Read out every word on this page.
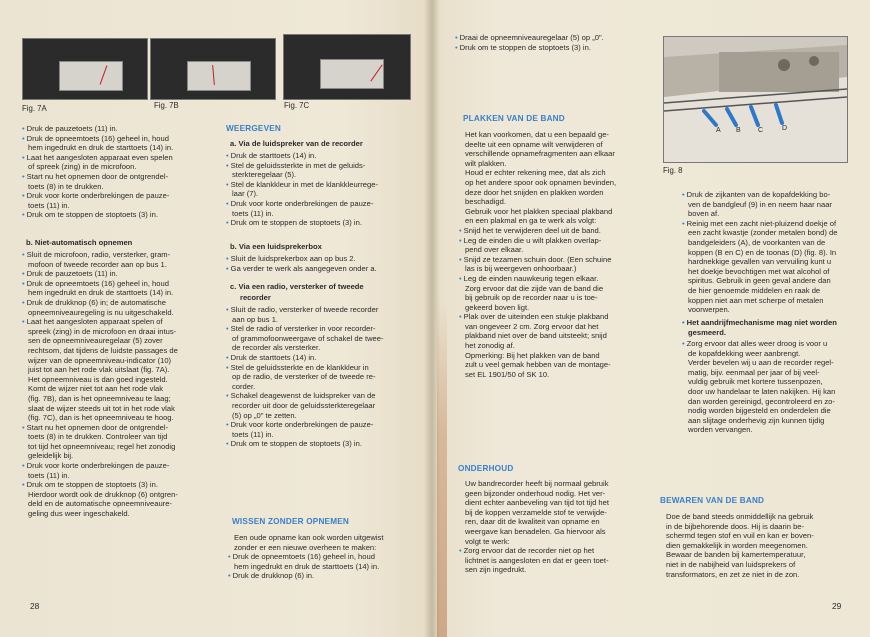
Fig. 7A	Fig. 7B	Fig. 7C

• Druk de pauzetoets (11) in.

• Druk de opneemtoets (16) geheel in, houd

hem ingedrukt en druk de starttoets (14) in.

• Laat het aangesloten apparaat even spelen

of spreek (zing) in de microfoon.

• Start nu het opnemen door de ontgrendel-

toets (8) in te drukken.

• Druk voor korte onderbrekingen de pauze-

toets (11) in.

• Druk om te stoppen de stoptoets (3) in.

b. Niet-automatisch opnemen

• Sluit de microfoon, radio, versterker, gram-

mofoon of tweede recorder aan op bus 1.

• Druk de pauzetoets (11) in.

• Druk de opneemtoets (16) geheel in, houd

hem ingedrukt en druk de starttoets (14) in.

• Druk de drukknop (6) in; de automatische

opneemniveauregeling is nu uitgeschakeld.

• Laat het aangesloten apparaat spelen of

spreek (zing) in de microfoon en draai intus-

sen de opneemniveauregelaar (5) zover

rechtsom, dat tijdens de luidste passages de

wijzer van de opneemniveau-indicator (10)

juist tot aan het rode vlak uitslaat (fig. 7A).

Het opneemniveau is dan goed ingesteld.

Komt de wijzer niet tot aan het rode vlak

(fig. 7B), dan is het opneemniveau te laag;

slaat de wijzer steeds uit tot in het rode vlak

(fig. 7C), dan is het opneemniveau te hoog.

• Start nu het opnemen door de ontgrendel-

toets (8) in te drukken. Controleer van tijd

tot tijd het opneemniveau; regel het zonodig

geleidelijk bij.

• Druk voor korte onderbrekingen de pauze-

toets (11) in.

• Druk om te stoppen de stoptoets (3) in.

Hierdoor wordt ook de drukknop (6) ontgren-

deld en de automatische opneemniveaure-

geling dus weer ingeschakeld.

WEERGEVEN
a. Via de luidspreker van de recorder

• Druk de starttoets (14) in.

• Stel de geluidssterkte in met de geluids-

sterkteregelaar (5).

• Stel de klankkleur in met de klankkleurrege-

laar (7).

• Druk voor korte onderbrekingen de pauze-

toets (11) in.

• Druk om te stoppen de stoptoets (3) in.

b. Via een luidsprekerbox

• Sluit de luidsprekerbox aan op bus 2.

• Ga verder te werk als aangegeven onder a.

c. Via een radio, versterker of tweede
recorder

• Sluit de radio, versterker of tweede recorder

aan op bus 1.

• Stel de radio of versterker in voor recorder-

of grammofoonweergave of schakel de twee-

de recorder als versterker.

• Druk de starttoets (14) in.

• Stel de geluidssterkte en de klankkleur in

op de radio, de versterker of de tweede re-

corder.

• Schakel deagewenst de luidspreker van de

recorder uit door de geluidssterkteregelaar

(5) op „0" te zetten.

• Druk voor korte onderbrekingen de pauze-

toets (11) in.

• Druk om te stoppen de stoptoets (3) in.

WISSEN ZONDER OPNEMEN

Een oude opname kan ook worden uitgewist

zonder er een nieuwe overheen te maken:

• Druk de opneemtoets (16) geheel in, houd

hem ingedrukt en druk de starttoets (14) in.

• Druk de drukknop (6) in.

28

• Draai de opneemniveauregelaar (5) op „0".

• Druk om te stoppen de stoptoets (3) in.

PLAKKEN VAN DE BAND

Het kan voorkomen, dat u een bepaald ge-

deelte uit een opname wilt verwijderen of

verschillende opnamefragmenten aan elkaar

wilt plakken.

Houd er echter rekening mee, dat als zich

op het andere spoor ook opnamen bevinden,

deze door het snijden en plakken worden

beschadigd.

Gebruik voor het plakken speciaal plakband

en een plakmal en ga te werk als volgt:

• Snijd het te verwijderen deel uit de band.

• Leg de einden die u wilt plakken overlap-

pend over elkaar.

• Snijd ze tezamen schuin door. (Een schuine

las is bij weergeven onhoorbaar.)

• Leg de einden nauwkeurig tegen elkaar.

Zorg ervoor dat die zijde van de band die

bij gebruik op de recorder naar u is toe-

gekeerd boven ligt.

• Plak over de uiteinden een stukje plakband

van ongeveer 2 cm. Zorg ervoor dat het

plakband niet over de band uitsteekt; snijd

het zonodig af.

Opmerking: Bij het plakken van de band

zult u veel gemak hebben van de montage-

set EL 1901/50 of SK 10.

ONDERHOUD

Uw bandrecorder heeft bij normaal gebruik

geen bijzonder onderhoud nodig. Het ver-

dient echter aanbeveling van tijd tot tijd het

bij de koppen verzamelde stof te verwijde-

ren, daar dit de kwaliteit van opname en

weergave kan benadelen. Ga hiervoor als

volgt te werk:

• Zorg ervoor dat de recorder niet op het

lichtnet is aangesloten en dat er geen toet-

sen zijn ingedrukt.

Fig. 8

• Druk de zijkanten van de kopafdekking bo-

ven de bandgleuf (9) in en neem haar naar

boven af.

• Reinig met een zacht niet-pluizend doekje of

een zacht kwastje (zonder metalen bond) de

bandgeleiders (A), de voorkanten van de

koppen (B en C) en de toonas (D) (fig. 8). In

hardnekkige gevallen van vervuiling kunt u

het doekje bevochtigen met wat alcohol of

spiritus. Gebruik in geen geval andere dan

de hier genoemde middelen en raak de

koppen niet aan met scherpe of metalen

voorwerpen.

• Het aandrijfmechanisme mag niet worden
gesmeerd.

• Zorg ervoor dat alles weer droog is voor u

de kopafdekking weer aanbrengt.

Verder bevelen wij u aan de recorder regel-

matig, bijv. eenmaal per jaar of bij veel-

vuldig gebruik met kortere tussenpozen,

door uw handelaar te laten nakijken. Hij kan

dan worden gereinigd, gecontroleerd en zo-

nodig worden bijgesteld en onderdelen die

aan slijtage onderhevig zijn kunnen tijdig

worden vervangen.

BEWAREN VAN DE BAND

Doe de band steeds onmiddellijk na gebruik

in de bijbehorende doos. Hij is daarin be-

schermd tegen stof en vuil en kan er boven-

dien gemakkelijk in worden meegenomen.

Bewaar de banden bij kamertemperatuur,

niet in de nabijheid van luidsprekers of

transformators, en zet ze niet in de zon.

29
A B C	D
